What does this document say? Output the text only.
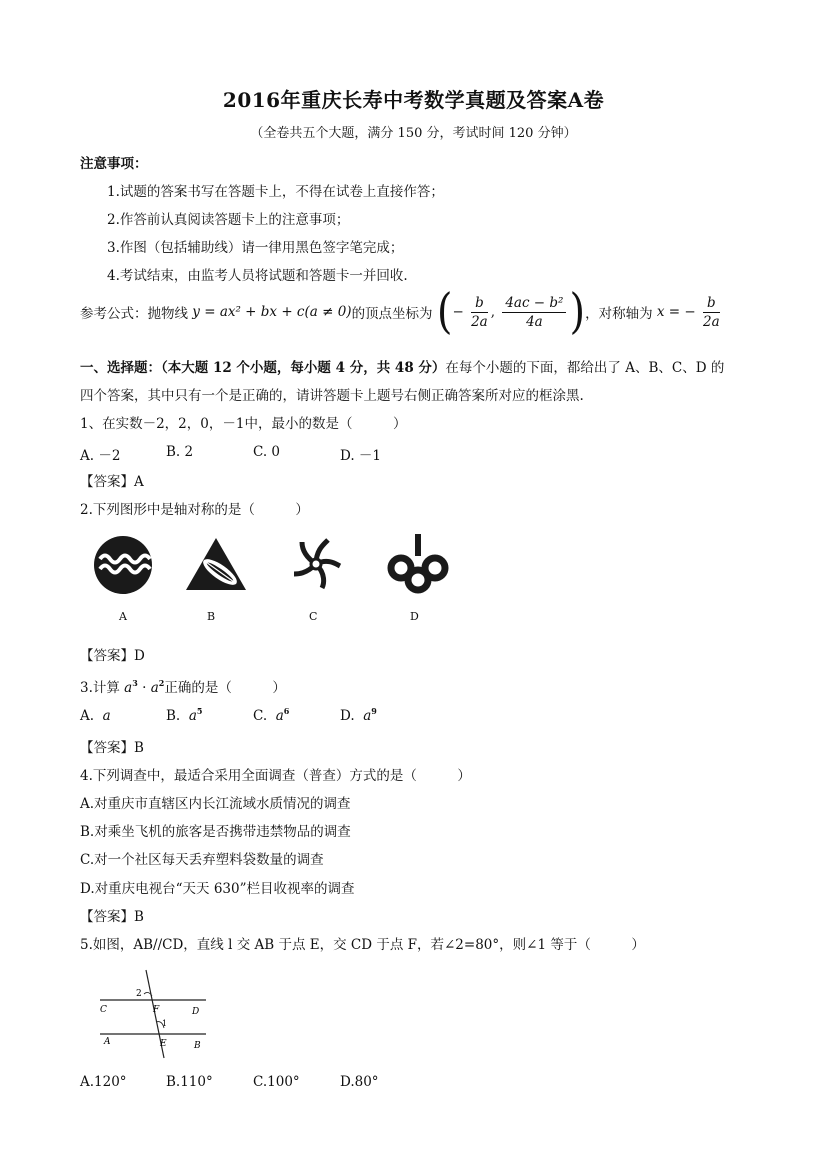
2016年重庆长寿中考数学真题及答案A卷
（全卷共五个大题，满分 150 分，考试时间 120 分钟）
注意事项：
1.试题的答案书写在答题卡上，不得在试卷上直接作答；
2.作答前认真阅读答题卡上的注意事项；
3.作图（包括辅助线）请一律用黑色签字笔完成；
4.考试结束，由监考人员将试题和答题卡一并回收.
参考公式：抛物线 y = ax² + bx + c(a ≠ 0)的顶点坐标为 (− $\frac{b}{2a}$ , $\frac{\text{4ac − b²}}{4a}$ )，对称轴为 x = − $\frac{b}{2a}$
一、选择题：（本大题 12 个小题，每小题 4 分，共 48 分）在每个小题的下面，都给出了 A、B、C、D 的
四个答案，其中只有一个是正确的，请讲答题卡上题号右侧正确答案所对应的框涂黑.
1、在实数－2，2，0，－1中，最小的数是（　　　）
A. －2	B. 2	C. 0	D. －1
【答案】A
2.下列图形中是轴对称的是（　　　）
A	B	C	D
【答案】D
3.计算 $a^3 \cdot a^2$正确的是（　　　）
A. a	B. $a^5$	C. $a^6$	D. $a^9$
【答案】B
4.下列调查中，最适合采用全面调查（普查）方式的是（　　　）
A.对重庆市直辖区内长江流域水质情况的调查
B.对乘坐飞机的旅客是否携带违禁物品的调查
C.对一个社区每天丢弃塑料袋数量的调查
D.对重庆电视台“天天 630”栏目收视率的调查
【答案】B
5.如图，AB//CD，直线 l 交 AB 于点 E，交 CD 于点 F，若∠2=80°，则∠1 等于（　　　）
C	D
A	B
F
E
2
1
A.120°	B.110°	C.100°	D.80°
